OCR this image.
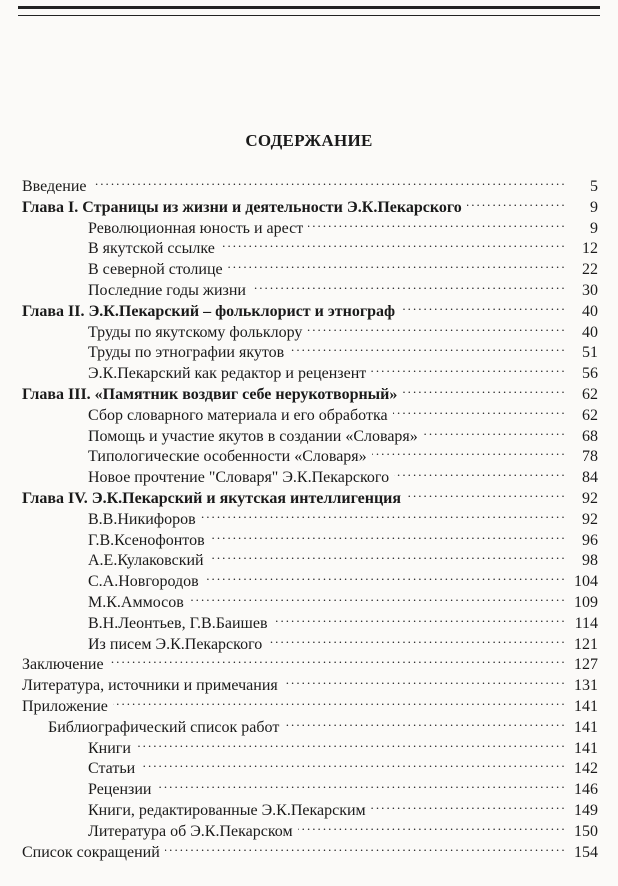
СОДЕРЖАНИЕ
Введение . . .	5
Глава I. Страницы из жизни и деятельности Э.К.Пекарского . . .	9
Революционная юность и арест . . .	9
В якутской ссылке . . .	12
В северной столице . . .	22
Последние годы жизни . . .	30
Глава II. Э.К.Пекарский – фольклорист и этнограф . . .	40
Труды по якутскому фольклору . . .	40
Труды по этнографии якутов . . .	51
Э.К.Пекарский как редактор и рецензент . . .	56
Глава III. «Памятник воздвиг себе нерукотворный» . . .	62
Сбор словарного материала и его обработка . . .	62
Помощь и участие якутов в создании «Словаря» . . .	68
Типологические особенности «Словаря» . . .	78
Новое прочтение "Словаря" Э.К.Пекарского . . .	84
Глава IV. Э.К.Пекарский и якутская интеллигенция . . .	92
В.В.Никифоров . . .	92
Г.В.Ксенофонтов . . .	96
А.Е.Кулаковский . . .	98
С.А.Новгородов . . .	104
М.К.Аммосов . . .	109
В.Н.Леонтьев, Г.В.Баишев . . .	114
Из писем Э.К.Пекарского . . .	121
Заключение . . .	127
Литература, источники и примечания . . .	131
Приложение . . .	141
Библиографический список работ . . .	141
Книги . . .	141
Статьи . . .	142
Рецензии . . .	146
Книги, редактированные Э.К.Пекарским . . .	149
Литература об Э.К.Пекарском . . .	150
Список сокращений . . .	154
